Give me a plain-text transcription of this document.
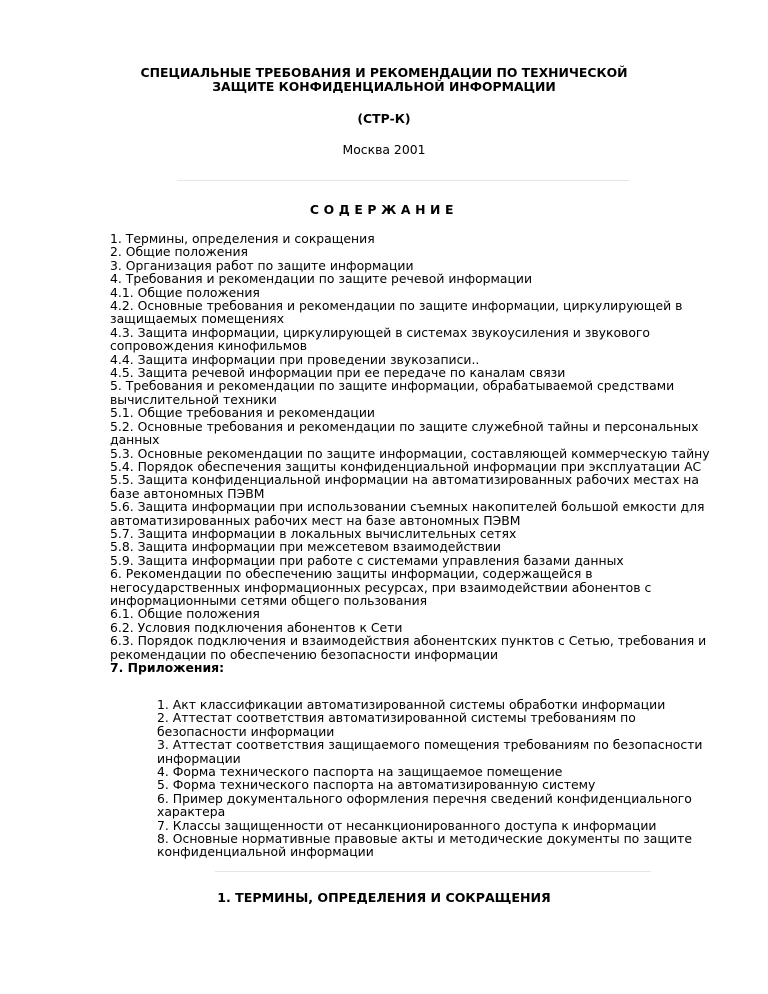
СПЕЦИАЛЬНЫЕ ТРЕБОВАНИЯ И РЕКОМЕНДАЦИИ ПО ТЕХНИЧЕСКОЙ ЗАЩИТЕ КОНФИДЕНЦИАЛЬНОЙ ИНФОРМАЦИИ
(СТР-К)
Москва 2001
СОДЕРЖАНИЕ
1. Термины, определения и сокращения
2. Общие положения
3. Организация работ по защите информации
4. Требования и рекомендации по защите речевой информации
4.1. Общие положения
4.2. Основные требования и рекомендации по защите информации, циркулирующей в защищаемых помещениях
4.3. Защита информации, циркулирующей в системах звукоусиления и звукового сопровождения кинофильмов
4.4. Защита информации при проведении звукозаписи..
4.5. Защита речевой информации при ее передаче по каналам связи
5. Требования и рекомендации по защите информации, обрабатываемой средствами вычислительной техники
5.1. Общие требования и рекомендации
5.2. Основные требования и рекомендации по защите служебной тайны и персональных данных
5.3. Основные рекомендации по защите информации, составляющей коммерческую тайну
5.4. Порядок обеспечения защиты конфиденциальной информации при эксплуатации АС
5.5. Защита конфиденциальной информации на автоматизированных рабочих местах на базе автономных ПЭВМ
5.6. Защита информации при использовании съемных накопителей большой емкости для автоматизированных рабочих мест на базе автономных ПЭВМ
5.7. Защита информации в локальных вычислительных сетях
5.8. Защита информации при межсетевом взаимодействии
5.9. Защита информации при работе с системами управления базами данных
6. Рекомендации по обеспечению защиты информации, содержащейся в негосударственных информационных ресурсах, при взаимодействии абонентов с информационными сетями общего пользования
6.1. Общие положения
6.2. Условия подключения абонентов к Сети
6.3. Порядок подключения и взаимодействия абонентских пунктов с Сетью, требования и рекомендации по обеспечению безопасности информации
7. Приложения:
1. Акт классификации автоматизированной системы обработки информации
2. Аттестат соответствия автоматизированной системы требованиям по безопасности информации
3. Аттестат соответствия защищаемого помещения требованиям по безопасности информации
4. Форма технического паспорта на защищаемое помещение
5. Форма технического паспорта на автоматизированную систему
6. Пример документального оформления перечня сведений конфиденциального характера
7. Классы защищенности от несанкционированного доступа к информации
8. Основные нормативные правовые акты и методические документы по защите конфиденциальной информации
1. ТЕРМИНЫ, ОПРЕДЕЛЕНИЯ И СОКРАЩЕНИЯ
